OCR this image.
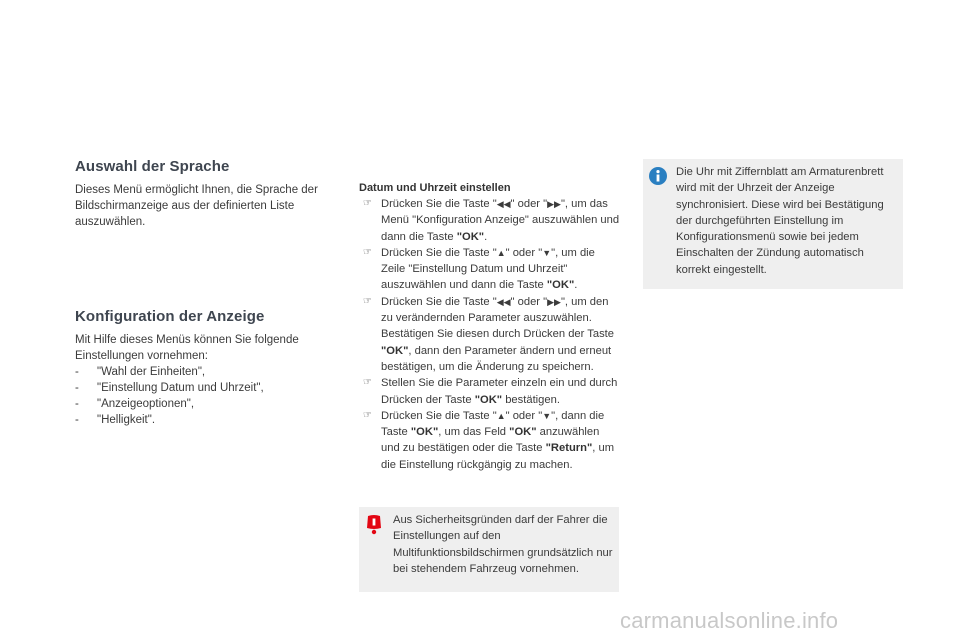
Auswahl der Sprache

Dieses Menü ermöglicht Ihnen, die Sprache der Bildschirmanzeige aus der definierten Liste auszuwählen.

Konfiguration der Anzeige

Mit Hilfe dieses Menüs können Sie folgende Einstellungen vornehmen:

- "Wahl der Einheiten",
- "Einstellung Datum und Uhrzeit",
- "Anzeigeoptionen",
- "Helligkeit".

Datum und Uhrzeit einstellen

☞ Drücken Sie die Taste "◀◀" oder "▶▶", um das Menü "Konfiguration Anzeige" auszuwählen und dann die Taste "OK".
☞ Drücken Sie die Taste "▲" oder "▼", um die Zeile "Einstellung Datum und Uhrzeit" auszuwählen und dann die Taste "OK".
☞ Drücken Sie die Taste "◀◀" oder "▶▶", um den zu verändernden Parameter auszuwählen. Bestätigen Sie diesen durch Drücken der Taste "OK", dann den Parameter ändern und erneut bestätigen, um die Änderung zu speichern.
☞ Stellen Sie die Parameter einzeln ein und durch Drücken der Taste "OK" bestätigen.
☞ Drücken Sie die Taste "▲" oder "▼", dann die Taste "OK", um das Feld "OK" anzuwählen und zu bestätigen oder die Taste "Return", um die Einstellung rückgängig zu machen.

Die Uhr mit Ziffernblatt am Armaturenbrett wird mit der Uhrzeit der Anzeige synchronisiert. Diese wird bei Bestätigung der durchgeführten Einstellung im Konfigurationsmenü sowie bei jedem Einschalten der Zündung automatisch korrekt eingestellt.

Aus Sicherheitsgründen darf der Fahrer die Einstellungen auf den Multifunktionsbildschirmen grundsätzlich nur bei stehendem Fahrzeug vornehmen.

carmanualsonline.info
